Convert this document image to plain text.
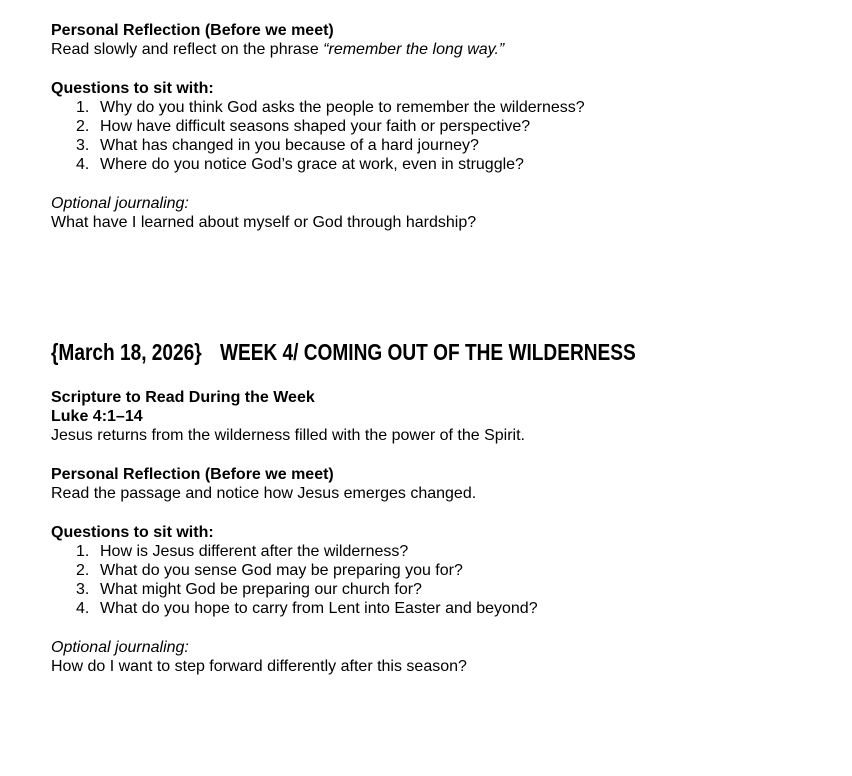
Personal Reflection (Before we meet)
Read slowly and reflect on the phrase “remember the long way.”
Questions to sit with:
1. Why do you think God asks the people to remember the wilderness?
2. How have difficult seasons shaped your faith or perspective?
3. What has changed in you because of a hard journey?
4. Where do you notice God’s grace at work, even in struggle?
Optional journaling:
What have I learned about myself or God through hardship?
{March 18, 2026} WEEK 4/ COMING OUT OF THE WILDERNESS
Scripture to Read During the Week
Luke 4:1–14
Jesus returns from the wilderness filled with the power of the Spirit.
Personal Reflection (Before we meet)
Read the passage and notice how Jesus emerges changed.
Questions to sit with:
1. How is Jesus different after the wilderness?
2. What do you sense God may be preparing you for?
3. What might God be preparing our church for?
4. What do you hope to carry from Lent into Easter and beyond?
Optional journaling:
How do I want to step forward differently after this season?
